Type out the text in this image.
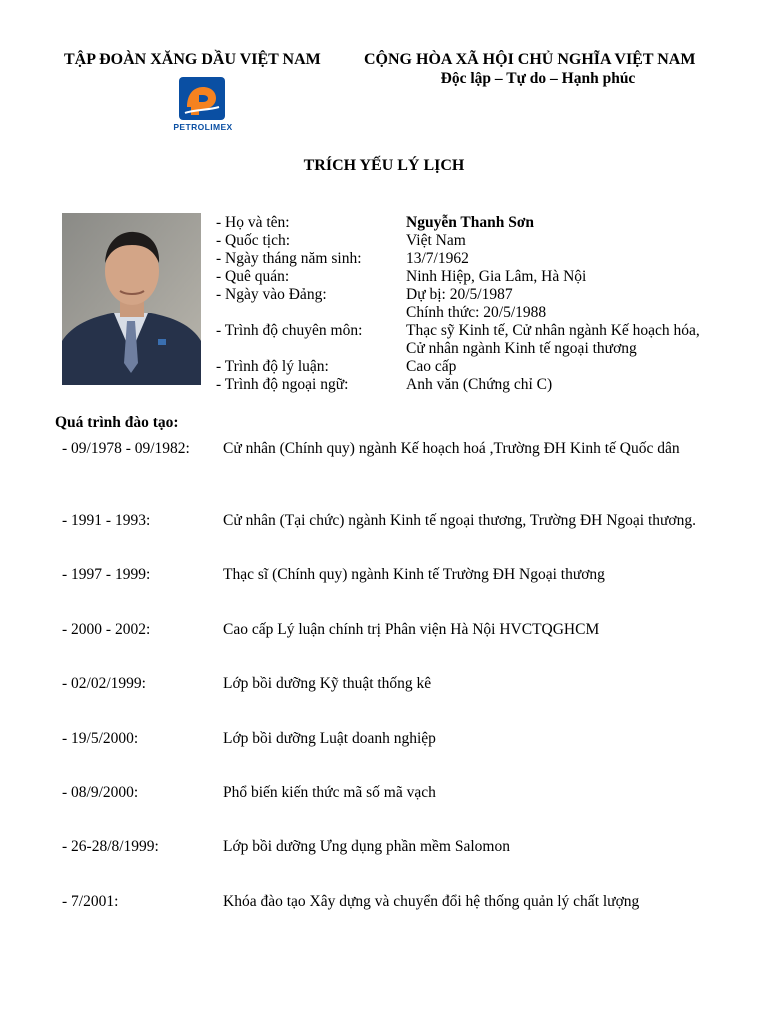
TẬP ĐOÀN XĂNG DẦU VIỆT NAM	CỘNG HÒA XÃ HỘI CHỦ NGHĨA VIỆT NAM
Độc lập – Tự do – Hạnh phúc
PETROLIMEX
TRÍCH YẾU LÝ LỊCH
- Họ và tên:	Nguyễn Thanh Sơn
- Quốc tịch:	Việt Nam
- Ngày tháng năm sinh:	13/7/1962
- Quê quán:	Ninh Hiệp, Gia Lâm, Hà Nội
- Ngày vào Đảng:	Dự bị: 20/5/1987
Chính thức: 20/5/1988
- Trình độ chuyên môn:	Thạc sỹ Kinh tế, Cử nhân ngành Kế hoạch hóa, Cử nhân ngành Kinh tế ngoại thương
- Trình độ lý luận:	Cao cấp
- Trình độ ngoại ngữ:	Anh văn (Chứng chỉ C)
Quá trình đào tạo:
- 09/1978 - 09/1982:	Cử nhân (Chính quy) ngành Kế hoạch hoá ,Trường ĐH Kinh tế Quốc dân
- 1991 - 1993:	Cử nhân (Tại chức) ngành Kinh tế ngoại thương, Trường ĐH Ngoại thương.
- 1997 - 1999:	Thạc sĩ (Chính quy) ngành Kinh tế Trường ĐH Ngoại thương
- 2000 - 2002:	Cao cấp Lý luận chính trị Phân viện Hà Nội HVCTQGHCM
- 02/02/1999:	Lớp bồi dưỡng Kỹ thuật thống kê
- 19/5/2000:	Lớp bồi dưỡng Luật doanh nghiệp
- 08/9/2000:	Phổ biến kiến thức mã số mã vạch
- 26-28/8/1999:	Lớp bồi dưỡng Ưng dụng phần mềm Salomon
- 7/2001:	Khóa đào tạo Xây dựng và chuyển đổi hệ thống quản lý chất lượng
